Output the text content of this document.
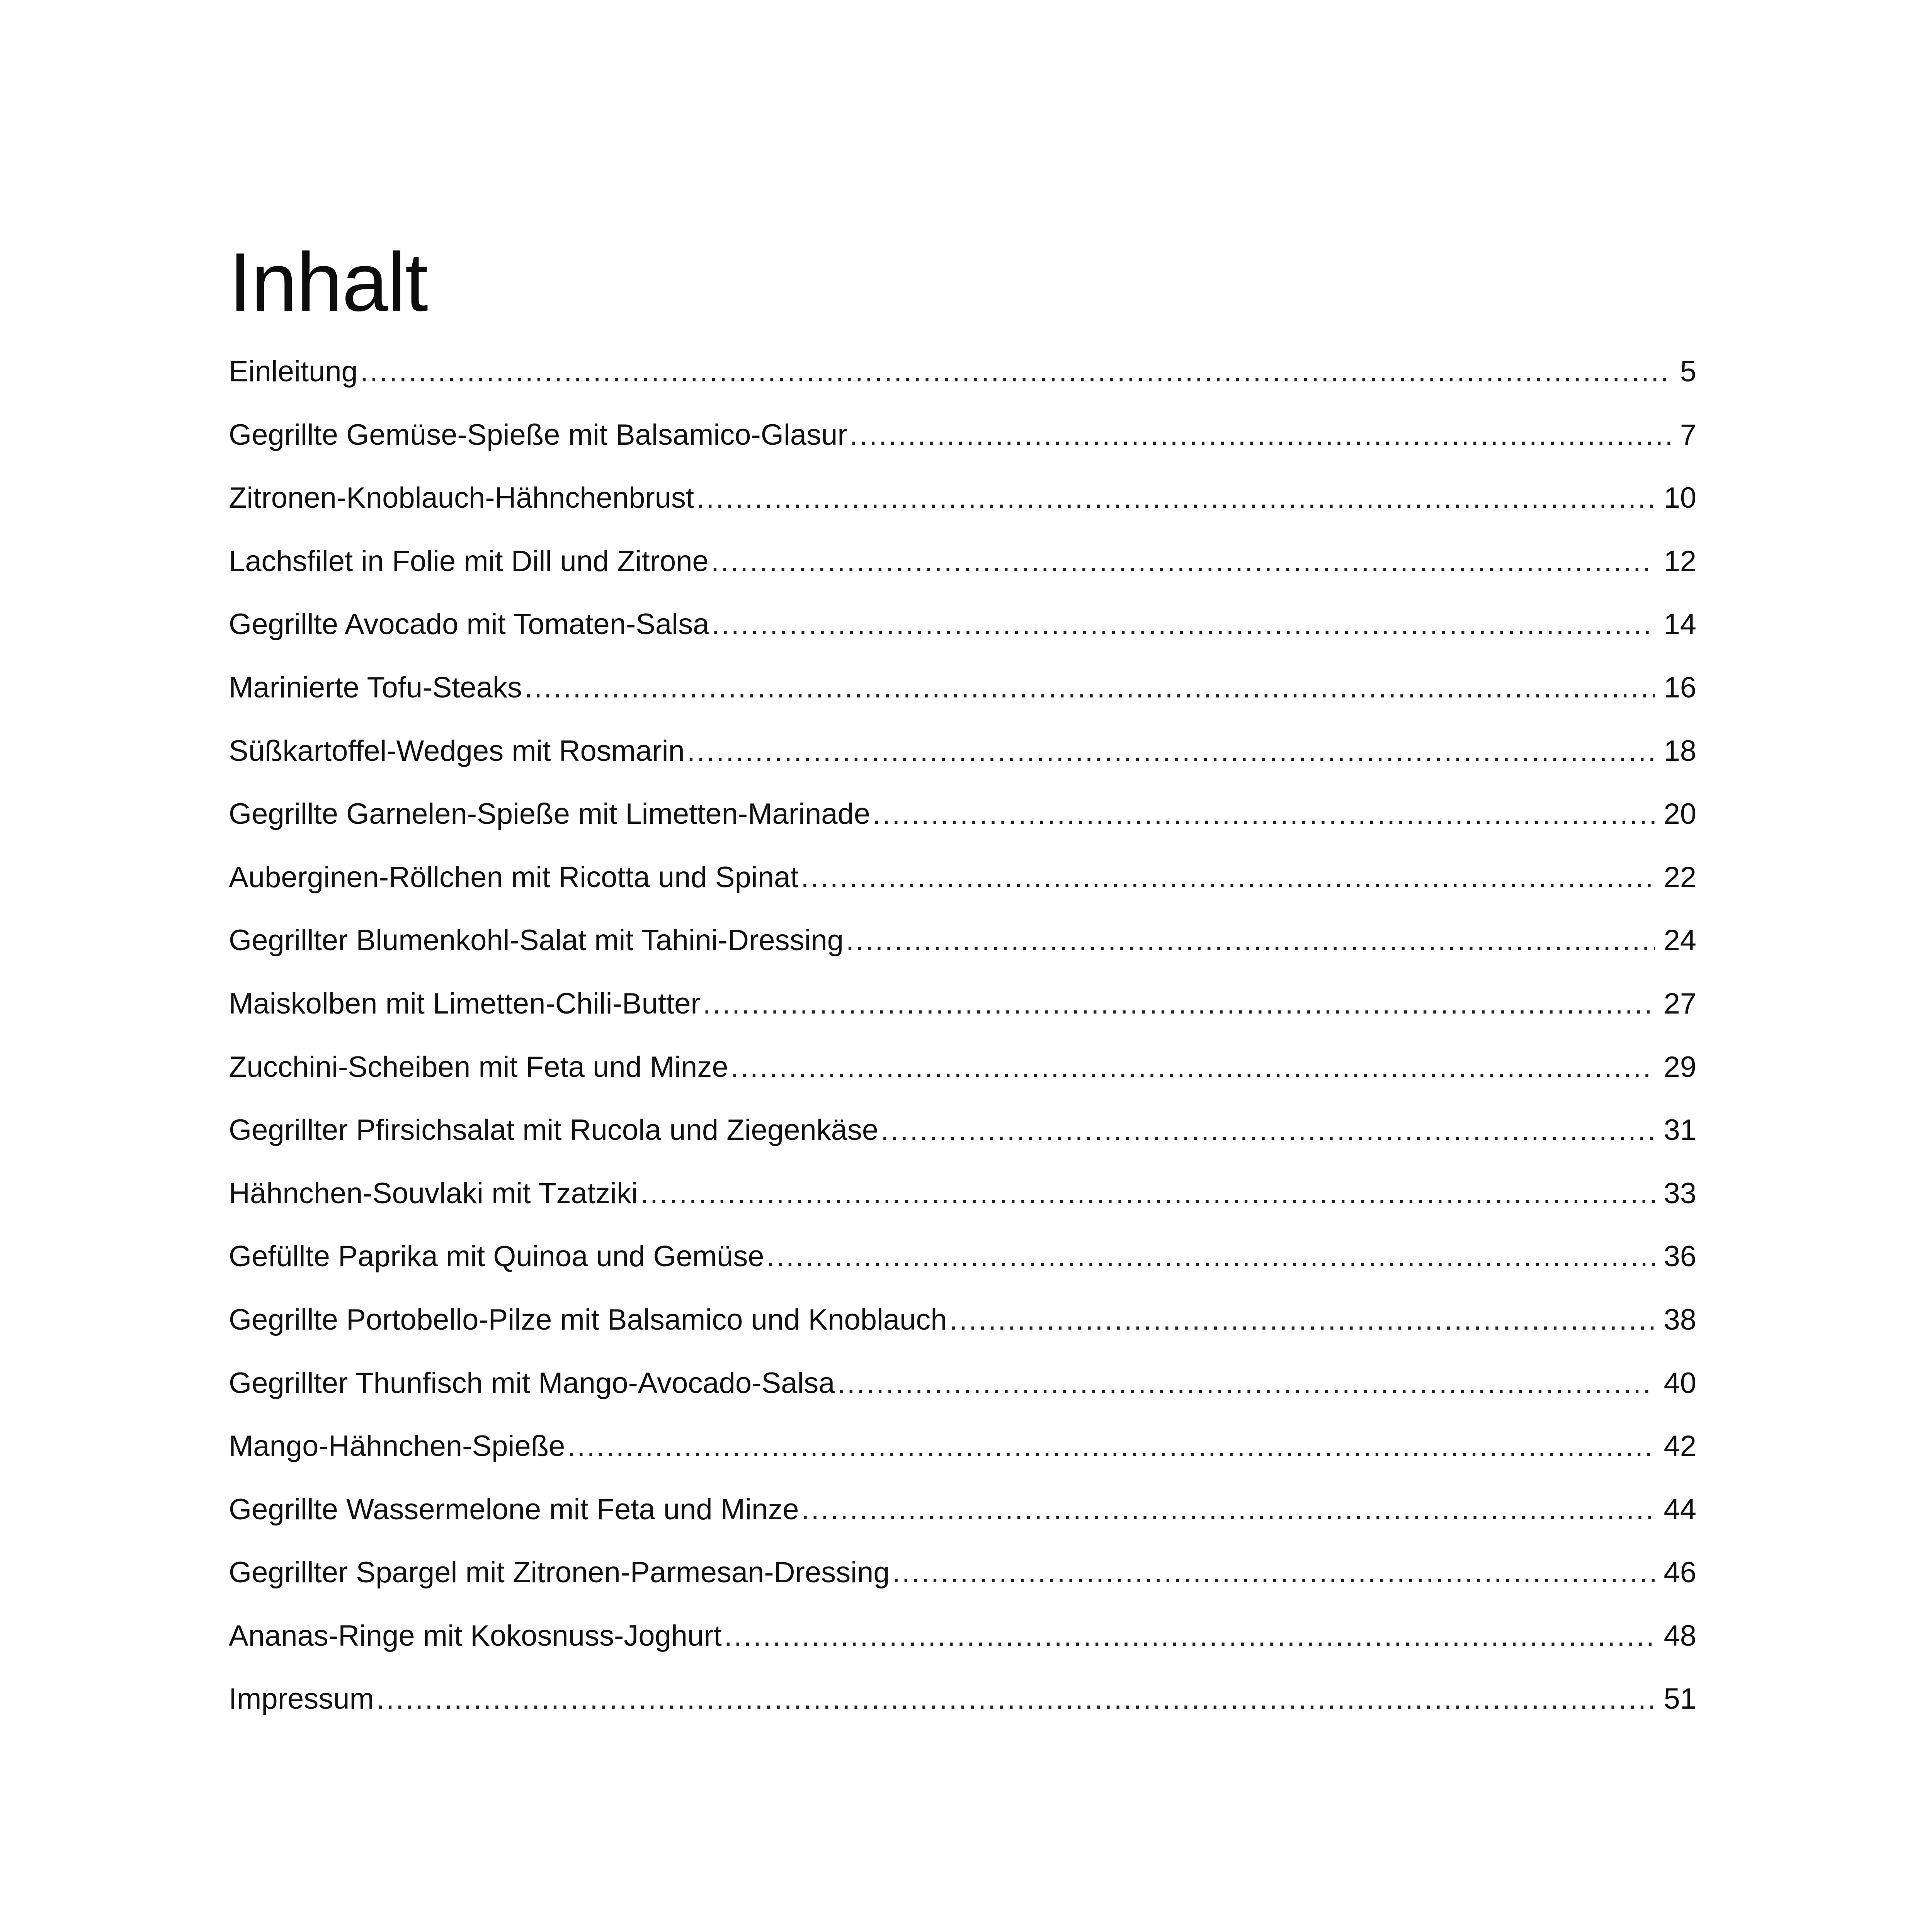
Inhalt
Einleitung .....	5
Gegrillte Gemüse-Spieße mit Balsamico-Glasur .....	7
Zitronen-Knoblauch-Hähnchenbrust .....	10
Lachsfilet in Folie mit Dill und Zitrone .....	12
Gegrillte Avocado mit Tomaten-Salsa .....	14
Marinierte Tofu-Steaks .....	16
Süßkartoffel-Wedges mit Rosmarin .....	18
Gegrillte Garnelen-Spieße mit Limetten-Marinade .....	20
Auberginen-Röllchen mit Ricotta und Spinat .....	22
Gegrillter Blumenkohl-Salat mit Tahini-Dressing .....	24
Maiskolben mit Limetten-Chili-Butter .....	27
Zucchini-Scheiben mit Feta und Minze .....	29
Gegrillter Pfirsichsalat mit Rucola und Ziegenkäse .....	31
Hähnchen-Souvlaki mit Tzatziki .....	33
Gefüllte Paprika mit Quinoa und Gemüse .....	36
Gegrillte Portobello-Pilze mit Balsamico und Knoblauch .....	38
Gegrillter Thunfisch mit Mango-Avocado-Salsa .....	40
Mango-Hähnchen-Spieße .....	42
Gegrillte Wassermelone mit Feta und Minze .....	44
Gegrillter Spargel mit Zitronen-Parmesan-Dressing .....	46
Ananas-Ringe mit Kokosnuss-Joghurt .....	48
Impressum .....	51
